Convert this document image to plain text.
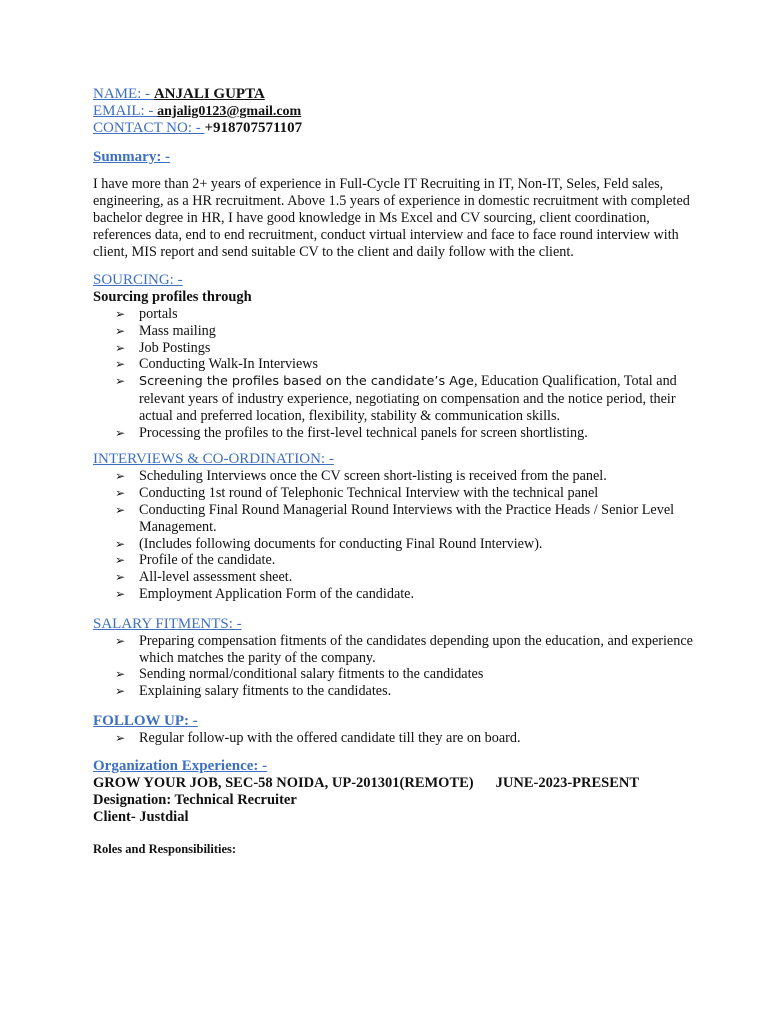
NAME: - ANJALI GUPTA
EMAIL: - anjalig0123@gmail.com
CONTACT NO: - +918707571107
Summary: -

I have more than 2+ years of experience in Full-Cycle IT Recruiting in IT, Non-IT, Seles, Feld sales, engineering, as a HR recruitment. Above 1.5 years of experience in domestic recruitment with completed bachelor degree in HR, I have good knowledge in Ms Excel and CV sourcing, client coordination, references data, end to end recruitment, conduct virtual interview and face to face round interview with client, MIS report and send suitable CV to the client and daily follow with the client.

SOURCING: -
Sourcing profiles through
➢ portals
➢ Mass mailing
➢ Job Postings
➢ Conducting Walk-In Interviews
➢ Screening the profiles based on the candidate’s Age, Education Qualification, Total and relevant years of industry experience, negotiating on compensation and the notice period, their actual and preferred location, flexibility, stability & communication skills.
➢ Processing the profiles to the first-level technical panels for screen shortlisting.
INTERVIEWS & CO-ORDINATION: -
➢ Scheduling Interviews once the CV screen short-listing is received from the panel.
➢ Conducting 1st round of Telephonic Technical Interview with the technical panel
➢ Conducting Final Round Managerial Round Interviews with the Practice Heads / Senior Level Management.
➢ (Includes following documents for conducting Final Round Interview).
➢ Profile of the candidate.
➢ All-level assessment sheet.
➢ Employment Application Form of the candidate.
SALARY FITMENTS: -
➢ Preparing compensation fitments of the candidates depending upon the education, and experience which matches the parity of the company.
➢ Sending normal/conditional salary fitments to the candidates
➢ Explaining salary fitments to the candidates.
FOLLOW UP: -
➢ Regular follow-up with the offered candidate till they are on board.
Organization Experience: -
GROW YOUR JOB, SEC-58 NOIDA, UP-201301(REMOTE) JUNE-2023-PRESENT
Designation: Technical Recruiter
Client- Justdial
Roles and Responsibilities:
